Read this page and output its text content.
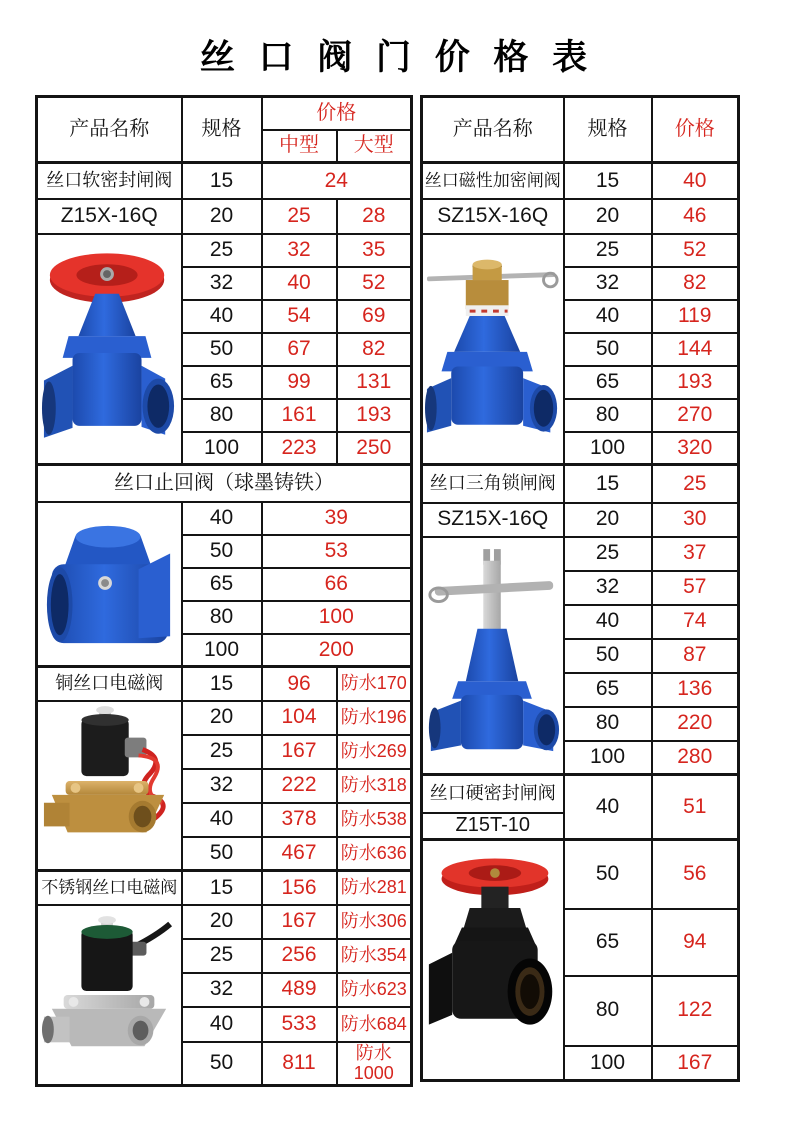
丝 口 阀 门 价 格 表
产品名称	规格	价格	
		中型	大型
丝口软密封闸阀	15	24	
Z15X-16Q	20	25	28

	25	32	35
	32	40	52
	40	54	69
	50	67	82
	65	99	131
	80	161	193
	100	223	250
丝口止回阀（球墨铸铁）			

	40	39	
	50	53	
	65	66	
	80	100	
	100	200	
铜丝口电磁阀	15	96	防水170

	20	104	防水196
	25	167	防水269
	32	222	防水318
	40	378	防水538
	50	467	防水636
不锈钢丝口电磁阀	15	156	防水281

	20	167	防水306
	25	256	防水354
	32	489	防水623
	40	533	防水684
	50	811	防水1000
产品名称	规格	价格
丝口磁性加密闸阀	15	40
SZ15X-16Q	20	46

	25	52
	32	82
	40	119
	50	144
	65	193
	80	270
	100	320
丝口三角锁闸阀	15	25
SZ15X-16Q	20	30

	25	37
	32	57
	40	74
	50	87
	65	136
	80	220
	100	280
丝口硬密封闸阀	40	51
Z15T-10		

	50	56
	65	94
	80	122
	100	167
